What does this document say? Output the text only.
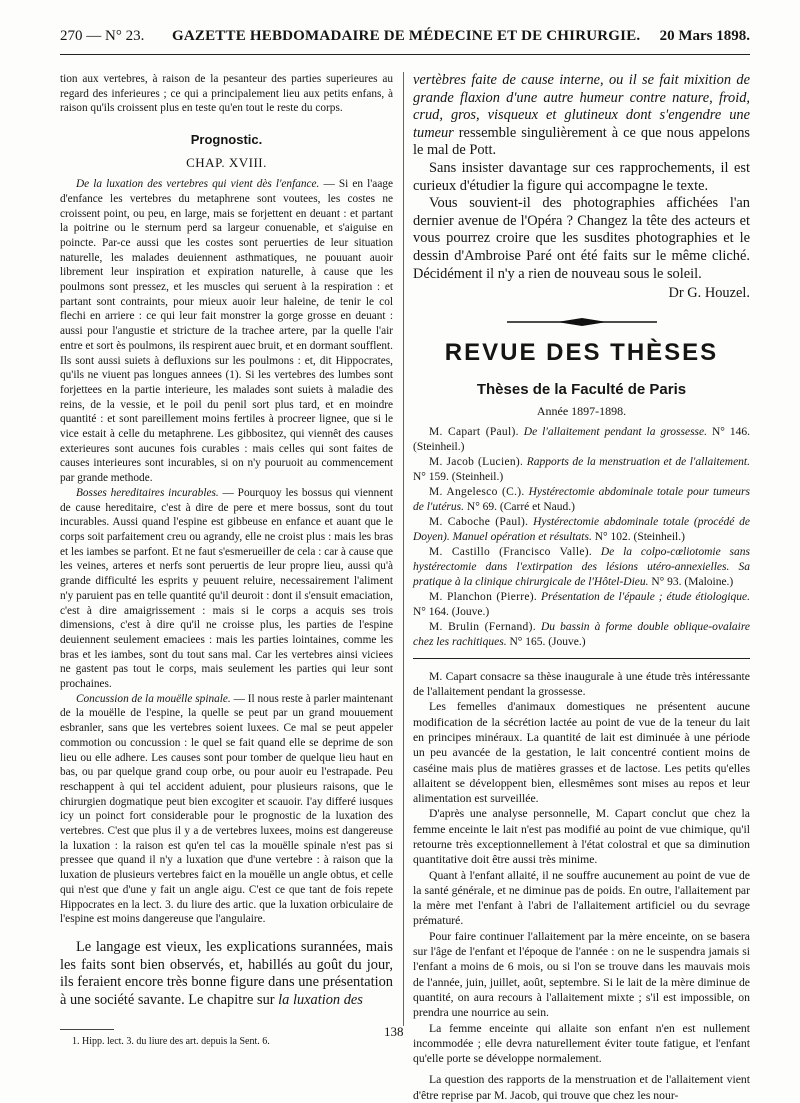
270 — N° 23. GAZETTE HEBDOMADAIRE DE MÉDECINE ET DE CHIRURGIE. 20 Mars 1898.

tion aux vertebres, à raison de la pesanteur des parties superieures au regard des inferieures ; ce qui a principalement lieu aux petits enfans, à raison qu'ils croissent plus en teste qu'en tout le reste du corps.

Prognostic.
CHAP. XVIII.

De la luxation des vertebres qui vient dès l'enfance. — Si en l'aage d'enfance les vertebres du metaphrene sont voutees, les costes ne croissent point, ou peu, en large, mais se forjettent en deuant : et partant la poitrine ou le sternum perd sa largeur conuenable, et s'aiguise en poincte. Par-ce aussi que les costes sont peruerties de leur situation naturelle, les malades deuiennent asthmatiques, ne pouuant auoir librement leur inspiration et expiration naturelle, à cause que les poulmons sont pressez, et les muscles qui seruent à la respiration : et partant sont contraints, pour mieux auoir leur haleine, de tenir le col flechi en arriere : ce qui leur fait monstrer la gorge grosse en deuant : aussi pour l'angustie et stricture de la trachee artere, par la quelle l'air entre et sort ès poulmons, ils respirent auec bruit, et en dormant soufflent. Ils sont aussi suiets à defluxions sur les poulmons : et, dit Hippocrates, qu'ils ne viuent pas longues annees (1). Si les vertebres des lumbes sont forjettees en la partie interieure, les malades sont suiets à maladie des reins, de la vessie, et le poil du penil sort plus tard, et en moindre quantité : et sont pareillement moins fertiles à procreer lignee, que si le vice estait à celle du metaphrene. Les gibbositez, qui viennêt des causes exterieures sont aucunes fois curables : mais celles qui sont faites de causes interieures sont incurables, si on n'y pouruoit au commencement par grande methode.

Bosses hereditaires incurables. — Pourquoy les bossus qui viennent de cause hereditaire, c'est à dire de pere et mere bossus, sont du tout incurables. Aussi quand l'espine est gibbeuse en enfance et auant que le corps soit parfaitement creu ou agrandy, elle ne croist plus : mais les bras et les iambes se parfont. Et ne faut s'esmerueiller de cela : car à cause que les veines, arteres et nerfs sont peruertis de leur propre lieu, aussi qu'à grande difficulté les esprits y peuuent reluire, necessairement l'aliment n'y paruient pas en telle quantité qu'il deuroit : dont il s'ensuit emaciation, c'est à dire amaigrissement : mais si le corps a acquis ses trois dimensions, c'est à dire qu'il ne croisse plus, les parties de l'espine deuiennent seulement emaciees : mais les parties lointaines, comme les bras et les iambes, sont du tout sans mal. Car les vertebres ainsi viciees ne gastent pas tout le corps, mais seulement les parties qui leur sont prochaines.

Concussion de la mouëlle spinale. — Il nous reste à parler maintenant de la mouëlle de l'espine, la quelle se peut par un grand mouuement esbranler, sans que les vertebres soient luxees. Ce mal se peut appeler commotion ou concussion : le quel se fait quand elle se deprime de son lieu ou elle adhere. Les causes sont pour tomber de quelque lieu haut en bas, ou par quelque grand coup orbe, ou pour auoir eu l'estrapade. Peu reschappent à qui tel accident aduient, pour plusieurs raisons, que le chirurgien dogmatique peut bien excogiter et scauoir. I'ay differé iusques icy un poinct fort considerable pour le prognostic de la luxation des vertebres. C'est que plus il y a de vertebres luxees, moins est dangereuse la luxation : la raison est qu'en tel cas la mouëlle spinale n'est pas si pressee que quand il n'y a luxation que d'une vertebre : à raison que la luxation de plusieurs vertebres faict en la mouëlle un angle obtus, et celle qui n'est que d'une y fait un angle aigu. C'est ce que tant de fois repete Hippocrates en la lect. 3. du liure des artic. que la luxation orbiculaire de l'espine est moins dangereuse que l'angulaire.

Le langage est vieux, les explications surannées, mais les faits sont bien observés, et, habillés au goût du jour, ils feraient encore très bonne figure dans une présentation à une société savante. Le chapitre sur la luxation des

1. Hipp. lect. 3. du liure des art. depuis la Sent. 6.

vertèbres faite de cause interne, ou il se fait mixition de grande flaxion d'une autre humeur contre nature, froid, crud, gros, visqueux et glutineux dont s'engendre une tumeur ressemble singulièrement à ce que nous appelons le mal de Pott.

Sans insister davantage sur ces rapprochements, il est curieux d'étudier la figure qui accompagne le texte.

Vous souvient-il des photographies affichées l'an dernier avenue de l'Opéra ? Changez la tête des acteurs et vous pourrez croire que les susdites photographies et le dessin d'Ambroise Paré ont été faits sur le même cliché. Décidément il n'y a rien de nouveau sous le soleil.

Dr G. Houzel.
REVUE DES THÈSES
Thèses de la Faculté de Paris
Année 1897-1898.

M. Capart (Paul). De l'allaitement pendant la grossesse. N° 146. (Steinheil.)

M. Jacob (Lucien). Rapports de la menstruation et de l'allaitement. N° 159. (Steinheil.)

M. Angelesco (C.). Hystérectomie abdominale totale pour tumeurs de l'utérus. N° 69. (Carré et Naud.)

M. Caboche (Paul). Hystérectomie abdominale totale (procédé de Doyen). Manuel opération et résultats. N° 102. (Steinheil.)

M. Castillo (Francisco Valle). De la colpo-cœliotomie sans hystérectomie dans l'extirpation des lésions utéro-annexielles. Sa pratique à la clinique chirurgicale de l'Hôtel-Dieu. N° 93. (Maloine.)

M. Planchon (Pierre). Présentation de l'épaule ; étude étiologique. N° 164. (Jouve.)

M. Brulin (Fernand). Du bassin à forme double oblique-ovalaire chez les rachitiques. N° 165. (Jouve.)

M. Capart consacre sa thèse inaugurale à une étude très intéressante de l'allaitement pendant la grossesse.

Les femelles d'animaux domestiques ne présentent aucune modification de la sécrétion lactée au point de vue de la teneur du lait en principes minéraux. La quantité de lait est diminuée à une période un peu avancée de la gestation, le lait concentré contient moins de caséine mais plus de matières grasses et de lactose. Les petits qu'elles allaitent se développent bien, ellesmêmes sont mises au repos et leur alimentation est surveillée.

D'après une analyse personnelle, M. Capart conclut que chez la femme enceinte le lait n'est pas modifié au point de vue chimique, qu'il retourne très exceptionnellement à l'état colostral et que sa diminution quantitative doit être aussi très minime.

Quant à l'enfant allaité, il ne souffre aucunement au point de vue de la santé générale, et ne diminue pas de poids. En outre, l'allaitement par la mère met l'enfant à l'abri de l'allaitement artificiel ou du sevrage prématuré.

Pour faire continuer l'allaitement par la mère enceinte, on se basera sur l'âge de l'enfant et l'époque de l'année : on ne le suspendra jamais si l'enfant a moins de 6 mois, ou si l'on se trouve dans les mauvais mois de l'année, juin, juillet, août, septembre. Si le lait de la mère diminue de quantité, on aura recours à l'allaitement mixte ; s'il est impossible, on prendra une nourrice au sein.

La femme enceinte qui allaite son enfant n'en est nullement incommodée ; elle devra naturellement éviter toute fatigue, et l'enfant qu'elle porte se développe normalement.

La question des rapports de la menstruation et de l'allaitement vient d'être reprise par M. Jacob, qui trouve que chez les nour-

138
